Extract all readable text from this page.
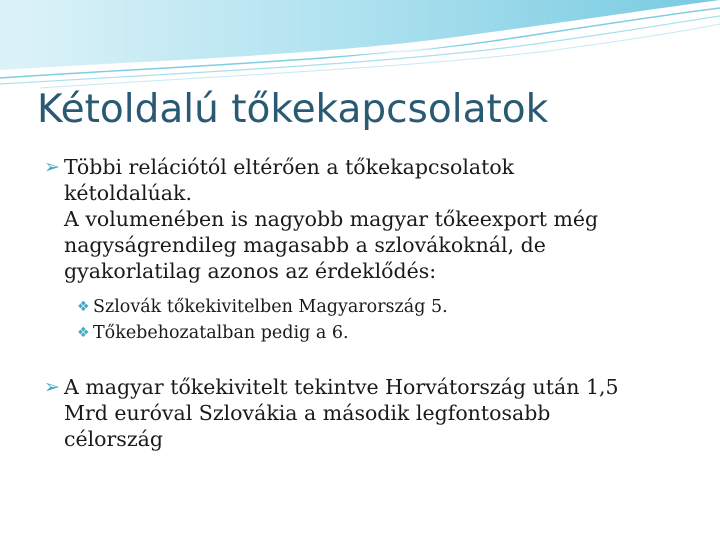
Kétoldalú tőkekapcsolatok
➢ Többi relációtól eltérően a tőkekapcsolatok
kétoldalúak.
A volumenében is nagyobb magyar tőkeexport még
nagyságrendileg magasabb a szlovákoknál, de
gyakorlatilag azonos az érdeklődés:
❖ Szlovák tőkekivitelben Magyarország 5.
❖ Tőkebehozatalban pedig a 6.
➢ A magyar tőkekivitelt tekintve Horvátország után 1,5
Mrd euróval Szlovákia a második legfontosabb
célország
